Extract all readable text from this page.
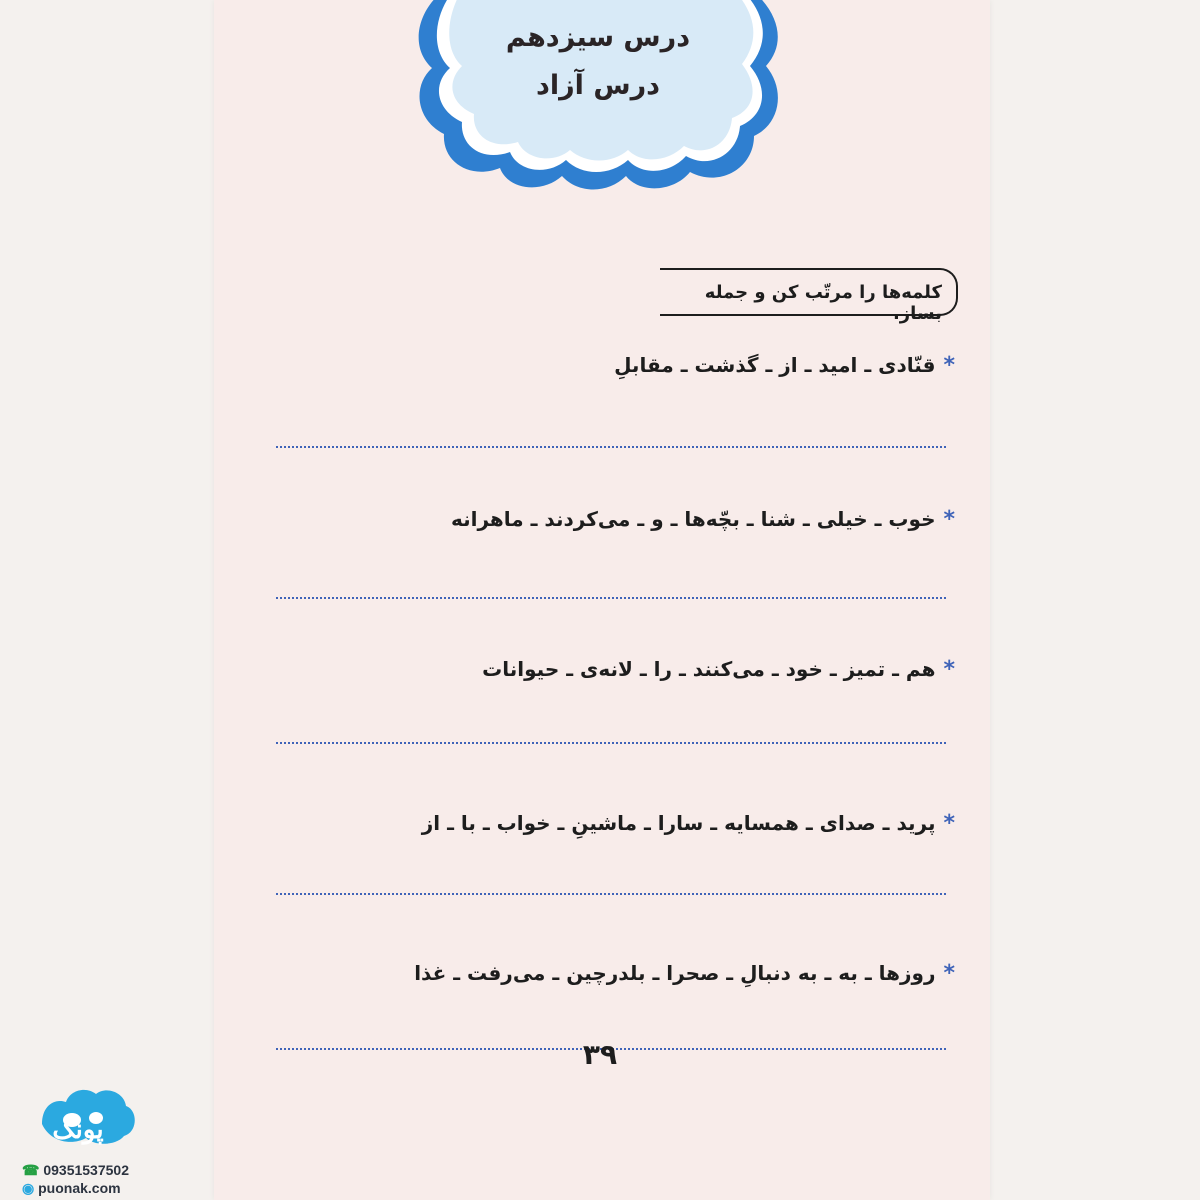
درس سیزدهم
درس آزاد
کلمه‌ها را مرتّب کن و جمله بساز.
*قنّادی ـ امید ـ از ـ گذشت ـ مقابلِ
*خوب ـ خیلی ـ شنا ـ بچّه‌ها ـ و ـ می‌کردند ـ ماهرانه
*هم ـ تمیز ـ خود ـ می‌کنند ـ را ـ لانه‌ی ـ حیوانات
*پرید ـ صدای ـ همسایه ـ سارا ـ ماشینِ ـ خواب ـ با ـ از
*روزها ـ به ـ به دنبالِ ـ صحرا ـ بلدرچین ـ می‌رفت ـ غذا
۳۹
پونک
☎ 09351537502
◉ puonak.com
